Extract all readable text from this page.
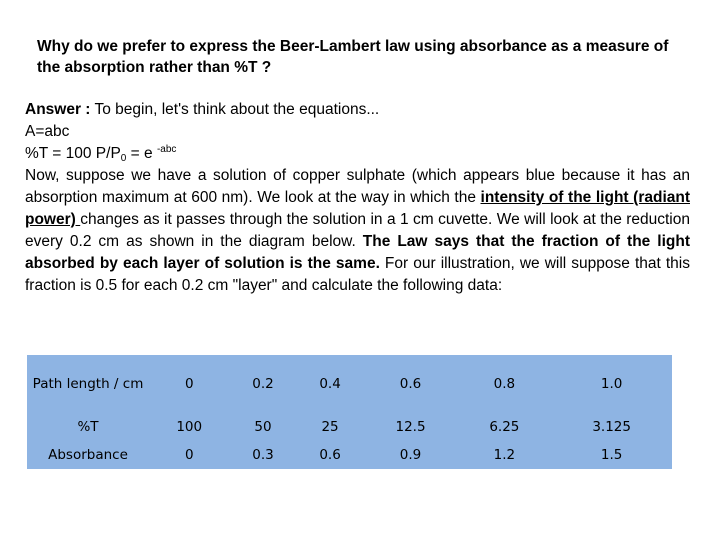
Why do we prefer to express the Beer-Lambert law using absorbance as a measure of the absorption rather than %T ?
Answer : To begin, let's think about the equations...
A=abc
%T = 100 $P/P_0 = e$ $^{-abc}$
Now, suppose we have a solution of copper sulphate (which appears blue because it has an absorption maximum at 600 nm). We look at the way in which the intensity of the light (radiant power) changes as it passes through the solution in a 1 cm cuvette. We will look at the reduction every 0.2 cm as shown in the diagram below. The Law says that the fraction of the light absorbed by each layer of solution is the same. For our illustration, we will suppose that this fraction is 0.5 for each 0.2 cm "layer" and calculate the following data:
Path length / cm	0	0.2	0.4	0.6	0.8	1.0
%T	100	50	25	12.5	6.25	3.125
Absorbance	0	0.3	0.6	0.9	1.2	1.5
